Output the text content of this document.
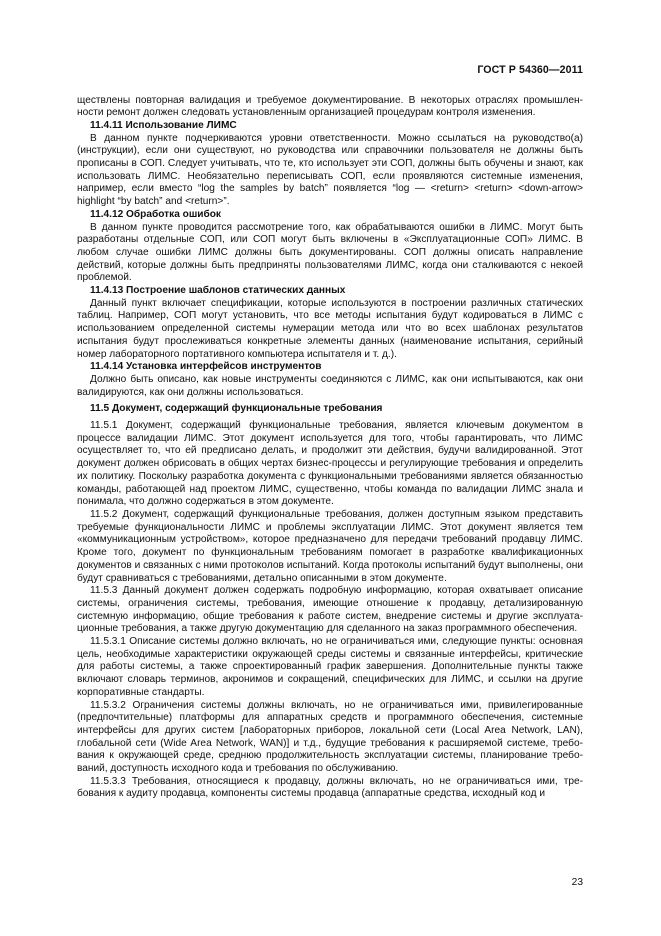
ГОСТ Р 54360—2011

ществлены повторная валидация и требуемое документирование. В некоторых отраслях промышленности ремонт должен следовать установленным организацией процедурам контроля изменения.

11.4.11 Использование ЛИМС

В данном пункте подчеркиваются уровни ответственности. Можно ссылаться на руководство(а) (инструкции), если они существуют, но руководства или справочники пользователя не должны быть прописаны в СОП. Следует учитывать, что те, кто использует эти СОП, должны быть обучены и знают, как использовать ЛИМС. Необязательно переписывать СОП, если проявляются системные изменения, например, если вместо “log the samples by batch” появляется “log — <return> <return> <down-arrow> highlight “by batch” and <return>”.

11.4.12 Обработка ошибок

В данном пункте проводится рассмотрение того, как обрабатываются ошибки в ЛИМС. Могут быть разработаны отдельные СОП, или СОП могут быть включены в «Эксплуатационные СОП» ЛИМС. В любом случае ошибки ЛИМС должны быть документированы. СОП должны описать направление действий, которые должны быть предприняты пользователями ЛИМС, когда они сталкиваются с некоей проблемой.

11.4.13 Построение шаблонов статических данных

Данный пункт включает спецификации, которые используются в построении различных статических таблиц. Например, СОП могут установить, что все методы испытания будут кодироваться в ЛИМС с использованием определенной системы нумерации метода или что во всех шаблонах результатов испытания будут прослеживаться конкретные элементы данных (наименование испытания, серийный номер лабораторного портативного компьютера испытателя и т. д.).

11.4.14 Установка интерфейсов инструментов

Должно быть описано, как новые инструменты соединяются с ЛИМС, как они испытываются, как они валидируются, как они должны использоваться.

11.5 Документ, содержащий функциональные требования

11.5.1 Документ, содержащий функциональные требования, является ключевым документом в процессе валидации ЛИМС. Этот документ используется для того, чтобы гарантировать, что ЛИМС осуществляет то, что ей предписано делать, и продолжит эти действия, будучи валидированной. Этот документ должен обрисовать в общих чертах бизнес-процессы и регулирующие требования и определить их политику. Поскольку разработка документа с функциональными требованиями является обязанностью команды, работающей над проектом ЛИМС, существенно, чтобы команда по валидации ЛИМС знала и понимала, что должно содержаться в этом документе.

11.5.2 Документ, содержащий функциональные требования, должен доступным языком представить требуемые функциональности ЛИМС и проблемы эксплуатации ЛИМС. Этот документ является тем «коммуникационным устройством», которое предназначено для передачи требований продавцу ЛИМС. Кроме того, документ по функциональным требованиям помогает в разработке квалификационных документов и связанных с ними протоколов испытаний. Когда протоколы испытаний будут выполнены, они будут сравниваться с требованиями, детально описанными в этом документе.

11.5.3 Данный документ должен содержать подробную информацию, которая охватывает описание системы, ограничения системы, требования, имеющие отношение к продавцу, детализированную системную информацию, общие требования к работе систем, внедрение системы и другие эксплуатационные требования, а также другую документацию для сделанного на заказ программного обеспечения.

11.5.3.1 Описание системы должно включать, но не ограничиваться ими, следующие пункты: основная цель, необходимые характеристики окружающей среды системы и связанные интерфейсы, критические для работы системы, а также спроектированный график завершения. Дополнительные пункты также включают словарь терминов, акронимов и сокращений, специфических для ЛИМС, и ссылки на другие корпоративные стандарты.

11.5.3.2 Ограничения системы должны включать, но не ограничиваться ими, привилегированные (предпочтительные) платформы для аппаратных средств и программного обеспечения, системные интерфейсы для других систем [лабораторных приборов, локальной сети (Local Area Network, LAN), глобальной сети (Wide Area Network, WAN)] и т.д., будущие требования к расширяемой системе, требования к окружающей среде, среднюю продолжительность эксплуатации системы, планирование требований, доступность исходного кода и требования по обслуживанию.

11.5.3.3 Требования, относящиеся к продавцу, должны включать, но не ограничиваться ими, требования к аудиту продавца, компоненты системы продавца (аппаратные средства, исходный код и

23
